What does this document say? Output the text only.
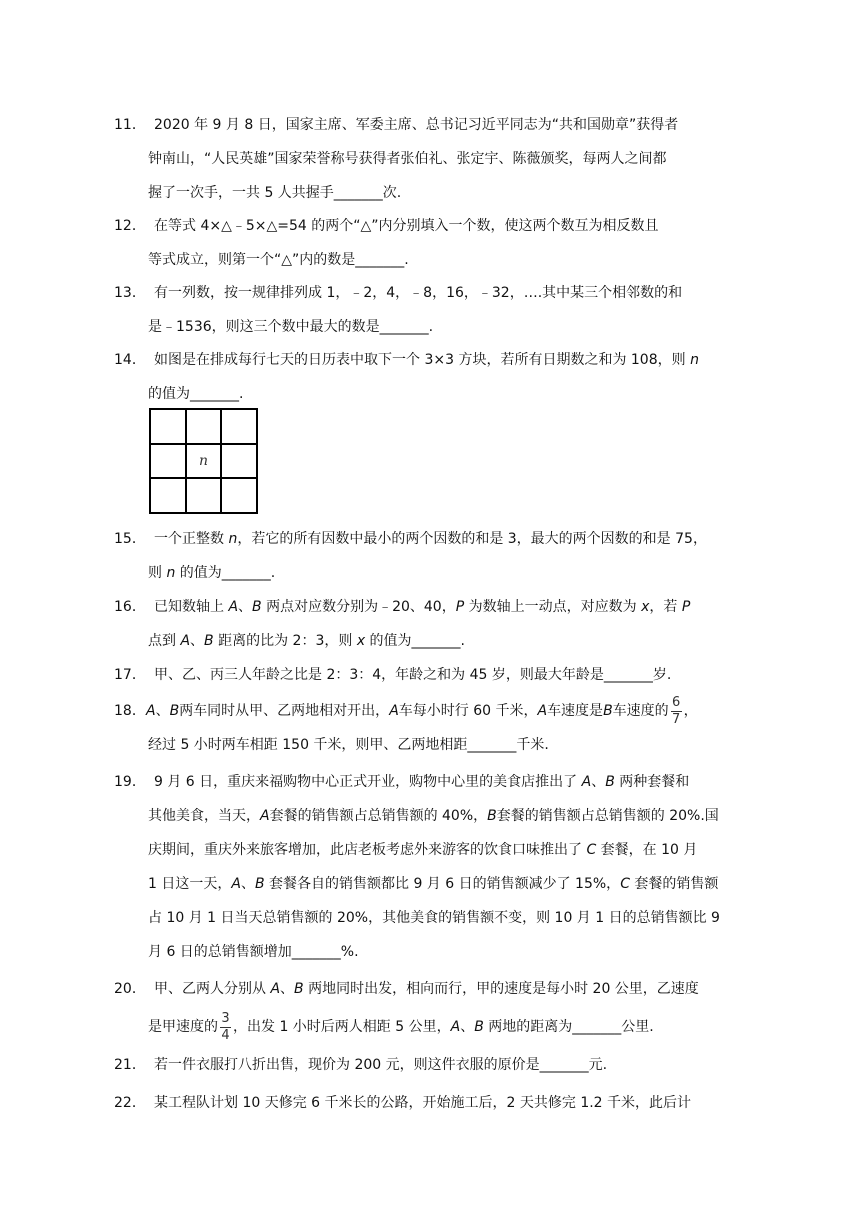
11． 2020 年 9 月 8 日，国家主席、军委主席、总书记习近平同志为“共和国勋章”获得者
钟南山，“人民英雄”国家荣誉称号获得者张伯礼、张定宇、陈薇颁奖，每两人之间都
握了一次手，一共 5 人共握手_______次.
12． 在等式 4×△﹣5×△=54 的两个“△”内分别填入一个数，使这两个数互为相反数且
等式成立，则第一个“△”内的数是_______.
13． 有一列数，按一规律排列成 1，﹣2，4，﹣8，16，﹣32，….其中某三个相邻数的和
是﹣1536，则这三个数中最大的数是_______.
14． 如图是在排成每行七天的日历表中取下一个 3×3 方块，若所有日期数之和为 108，则 n
的值为_______.
n
15． 一个正整数 n，若它的所有因数中最小的两个因数的和是 3，最大的两个因数的和是 75，
则 n 的值为_______.
16． 已知数轴上 A、B 两点对应数分别为﹣20、40，P 为数轴上一动点，对应数为 x，若 P
点到 A、B 距离的比为 2：3，则 x 的值为_______.
17． 甲、乙、丙三人年龄之比是 2：3：4，年龄之和为 45 岁，则最大年龄是_______岁.
18． A、B两车同时从甲、乙两地相对开出，A车每小时行 60 千米，A车速度是B车速度的 $\frac{6}{7}$ ，
经过 5 小时两车相距 150 千米，则甲、乙两地相距_______千米.
19． 9 月 6 日，重庆来福购物中心正式开业，购物中心里的美食店推出了 A、B 两种套餐和
其他美食，当天，A套餐的销售额占总销售额的 40%，B套餐的销售额占总销售额的 20%.国
庆期间，重庆外来旅客增加，此店老板考虑外来游客的饮食口味推出了 C 套餐，在 10 月
1 日这一天，A、B 套餐各自的销售额都比 9 月 6 日的销售额减少了 15%，C 套餐的销售额
占 10 月 1 日当天总销售额的 20%，其他美食的销售额不变，则 10 月 1 日的总销售额比 9
月 6 日的总销售额增加_______%.
20． 甲、乙两人分别从 A、B 两地同时出发，相向而行，甲的速度是每小时 20 公里，乙速度
是甲速度的 $\frac{3}{4}$ ，出发 1 小时后两人相距 5 公里，A、B 两地的距离为_______公里.
21． 若一件衣服打八折出售，现价为 200 元，则这件衣服的原价是_______元.
22． 某工程队计划 10 天修完 6 千米长的公路，开始施工后，2 天共修完 1.2 千米，此后计
